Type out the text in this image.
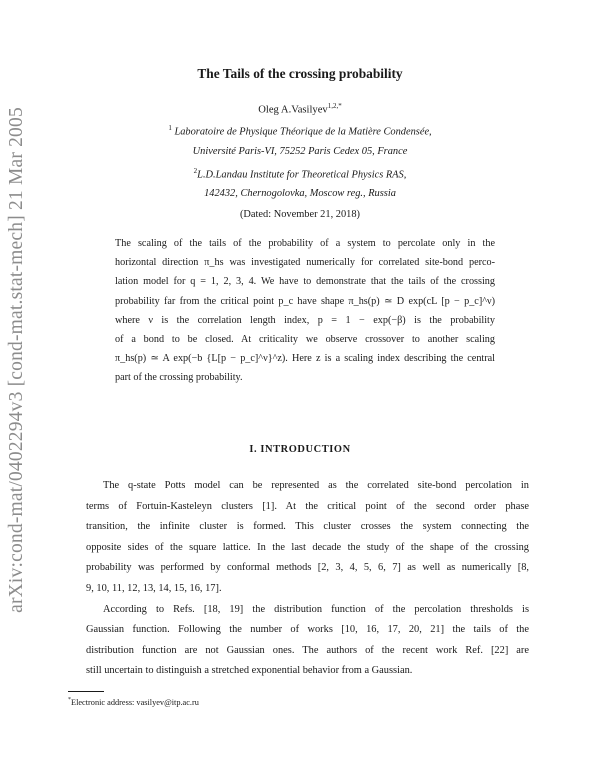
arXiv:cond-mat/0402294v3 [cond-mat.stat-mech] 21 Mar 2005
The Tails of the crossing probability
Oleg A.Vasilyev$^{1,2,*}$
$^1$ Laboratoire de Physique Théorique de la Matière Condensée,
Université Paris-VI, 75252 Paris Cedex 05, France
$^2$L.D.Landau Institute for Theoretical Physics RAS,
142432, Chernogolovka, Moscow reg., Russia
(Dated: November 21, 2018)
The scaling of the tails of the probability of a system to percolate only in the
horizontal direction π_hs was investigated numerically for correlated site-bond perco-
lation model for q = 1, 2, 3, 4. We have to demonstrate that the tails of the crossing
probability far from the critical point p_c have shape π_hs(p) ≃ D exp(cL [p − p_c]^ν)
where ν is the correlation length index, p = 1 − exp(−β) is the probability
of a bond to be closed. At criticality we observe crossover to another scaling
π_hs(p) ≃ A exp(−b {L[p − p_c]^ν}^z). Here z is a scaling index describing the central
part of the crossing probability.
I. INTRODUCTION
The q-state Potts model can be represented as the correlated site-bond percolation in
terms of Fortuin-Kasteleyn clusters [1]. At the critical point of the second order phase
transition, the infinite cluster is formed. This cluster crosses the system connecting the
opposite sides of the square lattice. In the last decade the study of the shape of the crossing
probability was performed by conformal methods [2, 3, 4, 5, 6, 7] as well as numerically [8,
9, 10, 11, 12, 13, 14, 15, 16, 17].
According to Refs. [18, 19] the distribution function of the percolation thresholds is
Gaussian function. Following the number of works [10, 16, 17, 20, 21] the tails of the
distribution function are not Gaussian ones. The authors of the recent work Ref. [22] are
still uncertain to distinguish a stretched exponential behavior from a Gaussian.
*Electronic address: vasilyev@itp.ac.ru
